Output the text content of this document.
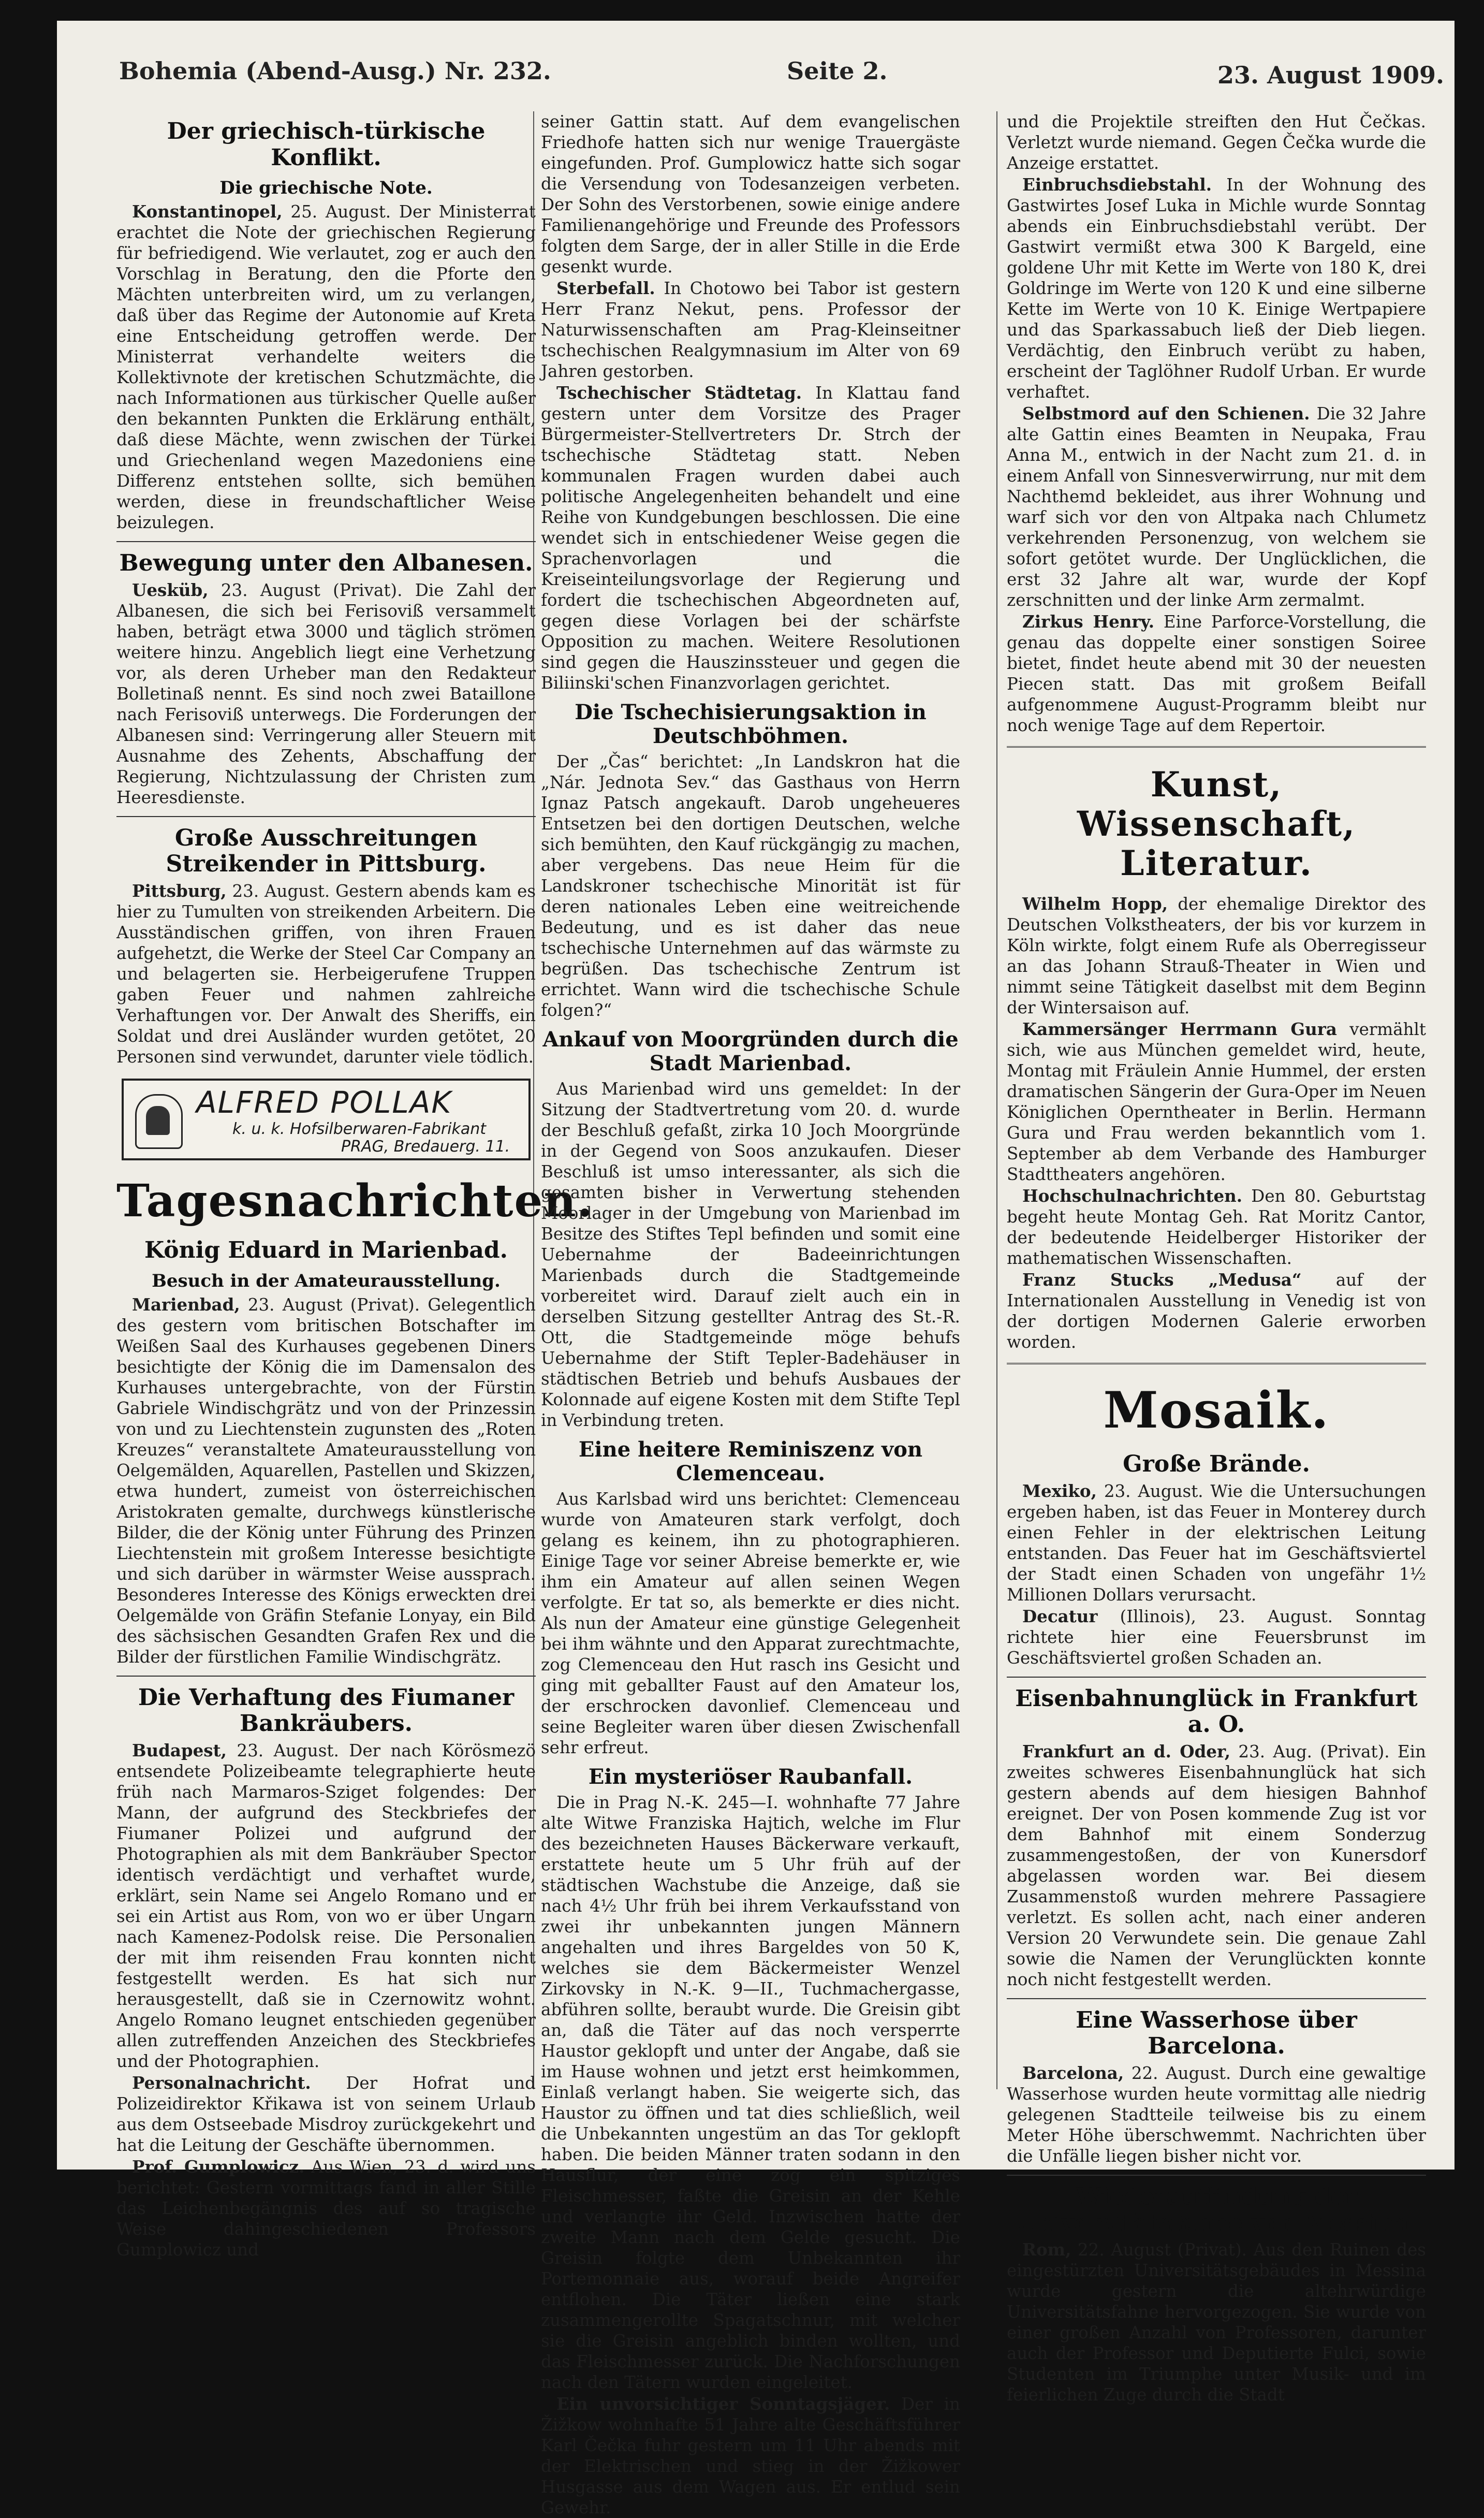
Bohemia (Abend-Ausg.) Nr. 232.	Seite 2.	23. August 1909.
Der griechisch-türkische Konflikt.
Die griechische Note.

Konstantinopel, 25. August. Der Ministerrat erachtet die Note der griechischen Regierung für befriedigend. Wie verlautet, zog er auch den Vorschlag in Beratung, den die Pforte den Mächten unterbreiten wird, um zu verlangen, daß über das Regime der Autonomie auf Kreta eine Entscheidung getroffen werde. Der Ministerrat verhandelte weiters die Kollektivnote der kretischen Schutzmächte, die nach Informationen aus türkischer Quelle außer den bekannten Punkten die Erklärung enthält, daß diese Mächte, wenn zwischen der Türkei und Griechenland wegen Mazedoniens eine Differenz entstehen sollte, sich bemühen werden, diese in freundschaftlicher Weise beizulegen.

Bewegung unter den Albanesen.

Uesküb, 23. August (Privat). Die Zahl der Albanesen, die sich bei Ferisoviß versammelt haben, beträgt etwa 3000 und täglich strömen weitere hinzu. Angeblich liegt eine Verhetzung vor, als deren Urheber man den Redakteur Bolletinaß nennt. Es sind noch zwei Bataillone nach Ferisoviß unterwegs. Die Forderungen der Albanesen sind: Verringerung aller Steuern mit Ausnahme des Zehents, Abschaffung der Regierung, Nichtzulassung der Christen zum Heeresdienste.

Große Ausschreitungen Streikender in Pittsburg.

Pittsburg, 23. August. Gestern abends kam es hier zu Tumulten von streikenden Arbeitern. Die Ausständischen griffen, von ihren Frauen aufgehetzt, die Werke der Steel Car Company an und belagerten sie. Herbeigerufene Truppen gaben Feuer und nahmen zahlreiche Verhaftungen vor. Der Anwalt des Sheriffs, ein Soldat und drei Ausländer wurden getötet, 20 Personen sind verwundet, darunter viele tödlich.

ALFRED POLLAK
k. u. k. Hofsilberwaren-Fabrikant
PRAG, Bredauerg. 11.
Tagesnachrichten.
König Eduard in Marienbad.
Besuch in der Amateurausstellung.

Marienbad, 23. August (Privat). Gelegentlich des gestern vom britischen Botschafter im Weißen Saal des Kurhauses gegebenen Diners besichtigte der König die im Damensalon des Kurhauses untergebrachte, von der Fürstin Gabriele Windischgrätz und von der Prinzessin von und zu Liechtenstein zugunsten des „Roten Kreuzes“ veranstaltete Amateurausstellung von Oelgemälden, Aquarellen, Pastellen und Skizzen, etwa hundert, zumeist von österreichischen Aristokraten gemalte, durchwegs künstlerische Bilder, die der König unter Führung des Prinzen Liechtenstein mit großem Interesse besichtigte und sich darüber in wärmster Weise aussprach. Besonderes Interesse des Königs erweckten drei Oelgemälde von Gräfin Stefanie Lonyay, ein Bild des sächsischen Gesandten Grafen Rex und die Bilder der fürstlichen Familie Windischgrätz.

Die Verhaftung des Fiumaner Bankräubers.

Budapest, 23. August. Der nach Körösmezö entsendete Polizeibeamte telegraphierte heute früh nach Marmaros-Sziget folgendes: Der Mann, der aufgrund des Steckbriefes der Fiumaner Polizei und aufgrund der Photographien als mit dem Bankräuber Spector identisch verdächtigt und verhaftet wurde, erklärt, sein Name sei Angelo Romano und er sei ein Artist aus Rom, von wo er über Ungarn nach Kamenez-Podolsk reise. Die Personalien der mit ihm reisenden Frau konnten nicht festgestellt werden. Es hat sich nur herausgestellt, daß sie in Czernowitz wohnt. Angelo Romano leugnet entschieden gegenüber allen zutreffenden Anzeichen des Steckbriefes und der Photographien.

Personalnachricht. Der Hofrat und Polizeidirektor Křikawa ist von seinem Urlaub aus dem Ostseebade Misdroy zurückgekehrt und hat die Leitung der Geschäfte übernommen.

Prof. Gumplowicz. Aus Wien, 23. d. wird uns berichtet: Gestern vormittags fand in aller Stille das Leichenbegängnis des auf so tragische Weise dahingeschiedenen Professors Gumplowicz und

seiner Gattin statt. Auf dem evangelischen Friedhofe hatten sich nur wenige Trauergäste eingefunden. Prof. Gumplowicz hatte sich sogar die Versendung von Todesanzeigen verbeten. Der Sohn des Verstorbenen, sowie einige andere Familienangehörige und Freunde des Professors folgten dem Sarge, der in aller Stille in die Erde gesenkt wurde.

Sterbefall. In Chotowo bei Tabor ist gestern Herr Franz Nekut, pens. Professor der Naturwissenschaften am Prag-Kleinseitner tschechischen Realgymnasium im Alter von 69 Jahren gestorben.

Tschechischer Städtetag. In Klattau fand gestern unter dem Vorsitze des Prager Bürgermeister-Stellvertreters Dr. Strch der tschechische Städtetag statt. Neben kommunalen Fragen wurden dabei auch politische Angelegenheiten behandelt und eine Reihe von Kundgebungen beschlossen. Die eine wendet sich in entschiedener Weise gegen die Sprachenvorlagen und die Kreiseinteilungsvorlage der Regierung und fordert die tschechischen Abgeordneten auf, gegen diese Vorlagen bei der schärfste Opposition zu machen. Weitere Resolutionen sind gegen die Hauszinssteuer und gegen die Biliinski'schen Finanzvorlagen gerichtet.

Die Tschechisierungsaktion in Deutschböhmen.

Der „Čas“ berichtet: „In Landskron hat die „Nár. Jednota Sev.“ das Gasthaus von Herrn Ignaz Patsch angekauft. Darob ungeheueres Entsetzen bei den dortigen Deutschen, welche sich bemühten, den Kauf rückgängig zu machen, aber vergebens. Das neue Heim für die Landskroner tschechische Minorität ist für deren nationales Leben eine weitreichende Bedeutung, und es ist daher das neue tschechische Unternehmen auf das wärmste zu begrüßen. Das tschechische Zentrum ist errichtet. Wann wird die tschechische Schule folgen?“

Ankauf von Moorgründen durch die Stadt Marienbad.

Aus Marienbad wird uns gemeldet: In der Sitzung der Stadtvertretung vom 20. d. wurde der Beschluß gefaßt, zirka 10 Joch Moorgründe in der Gegend von Soos anzukaufen. Dieser Beschluß ist umso interessanter, als sich die gesamten bisher in Verwertung stehenden Moorlager in der Umgebung von Marienbad im Besitze des Stiftes Tepl befinden und somit eine Uebernahme der Badeeinrichtungen Marienbads durch die Stadtgemeinde vorbereitet wird. Darauf zielt auch ein in derselben Sitzung gestellter Antrag des St.-R. Ott, die Stadtgemeinde möge behufs Uebernahme der Stift Tepler-Badehäuser in städtischen Betrieb und behufs Ausbaues der Kolonnade auf eigene Kosten mit dem Stifte Tepl in Verbindung treten.

Eine heitere Reminiszenz von Clemenceau.

Aus Karlsbad wird uns berichtet: Clemenceau wurde von Amateuren stark verfolgt, doch gelang es keinem, ihn zu photographieren. Einige Tage vor seiner Abreise bemerkte er, wie ihm ein Amateur auf allen seinen Wegen verfolgte. Er tat so, als bemerkte er dies nicht. Als nun der Amateur eine günstige Gelegenheit bei ihm wähnte und den Apparat zurechtmachte, zog Clemenceau den Hut rasch ins Gesicht und ging mit geballter Faust auf den Amateur los, der erschrocken davonlief. Clemenceau und seine Begleiter waren über diesen Zwischenfall sehr erfreut.

Ein mysteriöser Raubanfall.

Die in Prag N.-K. 245—I. wohnhafte 77 Jahre alte Witwe Franziska Hajtich, welche im Flur des bezeichneten Hauses Bäckerware verkauft, erstattete heute um 5 Uhr früh auf der städtischen Wachstube die Anzeige, daß sie nach 4½ Uhr früh bei ihrem Verkaufsstand von zwei ihr unbekannten jungen Männern angehalten und ihres Bargeldes von 50 K, welches sie dem Bäckermeister Wenzel Zirkovsky in N.-K. 9—II., Tuchmachergasse, abführen sollte, beraubt wurde. Die Greisin gibt an, daß die Täter auf das noch versperrte Haustor geklopft und unter der Angabe, daß sie im Hause wohnen und jetzt erst heimkommen, Einlaß verlangt haben. Sie weigerte sich, das Haustor zu öffnen und tat dies schließlich, weil die Unbekannten ungestüm an das Tor geklopft haben. Die beiden Männer traten sodann in den Hausflur, der eine zog ein spitziges Fleischmesser, faßte die Greisin an der Kehle und verlangte ihr Geld. Inzwischen hatte der zweite Mann nach dem Gelde gesucht. Die Greisin folgte dem Unbekannten ihr Portemonnaie aus, worauf beide Angreifer entflohen. Die Täter ließen eine stark zusammengerollte Spagatschnur, mit welcher sie die Greisin angeblich binden wollten, und das Fleischmesser zurück. Die Nachforschungen nach den Tätern wurden eingeleitet.

Ein unvorsichtiger Sonntagsjäger. Der in Žižkow wohnhafte 51 Jahre alte Geschäftsführer Karl Čečka fuhr gestern um 11 Uhr abends mit der Elektrischen und stieg in der Žižkower Husgasse aus dem Wagen aus. Er entlud sein Gewehr.

und die Projektile streiften den Hut Čečkas. Verletzt wurde niemand. Gegen Čečka wurde die Anzeige erstattet.

Einbruchsdiebstahl. In der Wohnung des Gastwirtes Josef Luka in Michle wurde Sonntag abends ein Einbruchsdiebstahl verübt. Der Gastwirt vermißt etwa 300 K Bargeld, eine goldene Uhr mit Kette im Werte von 180 K, drei Goldringe im Werte von 120 K und eine silberne Kette im Werte von 10 K. Einige Wertpapiere und das Sparkassabuch ließ der Dieb liegen. Verdächtig, den Einbruch verübt zu haben, erscheint der Taglöhner Rudolf Urban. Er wurde verhaftet.

Selbstmord auf den Schienen. Die 32 Jahre alte Gattin eines Beamten in Neupaka, Frau Anna M., entwich in der Nacht zum 21. d. in einem Anfall von Sinnesverwirrung, nur mit dem Nachthemd bekleidet, aus ihrer Wohnung und warf sich vor den von Altpaka nach Chlumetz verkehrenden Personenzug, von welchem sie sofort getötet wurde. Der Unglücklichen, die erst 32 Jahre alt war, wurde der Kopf zerschnitten und der linke Arm zermalmt.

Zirkus Henry. Eine Parforce-Vorstellung, die genau das doppelte einer sonstigen Soiree bietet, findet heute abend mit 30 der neuesten Piecen statt. Das mit großem Beifall aufgenommene August-Programm bleibt nur noch wenige Tage auf dem Repertoir.

Kunst, Wissenschaft, Literatur.

Wilhelm Hopp, der ehemalige Direktor des Deutschen Volkstheaters, der bis vor kurzem in Köln wirkte, folgt einem Rufe als Oberregisseur an das Johann Strauß-Theater in Wien und nimmt seine Tätigkeit daselbst mit dem Beginn der Wintersaison auf.

Kammersänger Herrmann Gura vermählt sich, wie aus München gemeldet wird, heute, Montag mit Fräulein Annie Hummel, der ersten dramatischen Sängerin der Gura-Oper im Neuen Königlichen Operntheater in Berlin. Hermann Gura und Frau werden bekanntlich vom 1. September ab dem Verbande des Hamburger Stadttheaters angehören.

Hochschulnachrichten. Den 80. Geburtstag begeht heute Montag Geh. Rat Moritz Cantor, der bedeutende Heidelberger Historiker der mathematischen Wissenschaften.

Franz Stucks „Medusa“ auf der Internationalen Ausstellung in Venedig ist von der dortigen Modernen Galerie erworben worden.

Mosaik.
Große Brände.

Mexiko, 23. August. Wie die Untersuchungen ergeben haben, ist das Feuer in Monterey durch einen Fehler in der elektrischen Leitung entstanden. Das Feuer hat im Geschäftsviertel der Stadt einen Schaden von ungefähr 1½ Millionen Dollars verursacht.

Decatur (Illinois), 23. August. Sonntag richtete hier eine Feuersbrunst im Geschäftsviertel großen Schaden an.

Eisenbahnunglück in Frankfurt a. O.

Frankfurt an d. Oder, 23. Aug. (Privat). Ein zweites schweres Eisenbahnunglück hat sich gestern abends auf dem hiesigen Bahnhof ereignet. Der von Posen kommende Zug ist vor dem Bahnhof mit einem Sonderzug zusammengestoßen, der von Kunersdorf abgelassen worden war. Bei diesem Zusammenstoß wurden mehrere Passagiere verletzt. Es sollen acht, nach einer anderen Version 20 Verwundete sein. Die genaue Zahl sowie die Namen der Verunglückten konnte noch nicht festgestellt werden.

Eine Wasserhose über Barcelona.

Barcelona, 22. August. Durch eine gewaltige Wasserhose wurden heute vormittag alle niedrig gelegenen Stadtteile teilweise bis zu einem Meter Höhe überschwemmt. Nachrichten über die Unfälle liegen bisher nicht vor.

Wiederauffindung der Universitätsfahne von Messina.

Rom, 22. August (Privat). Aus den Ruinen des eingestürzten Universitätsgebäudes in Messina wurde gestern die altehrwürdige Universitätsfahne hervorgezogen. Sie wurde von einer großen Anzahl von Professoren, darunter auch der Professor und Deputierte Fulci, sowie Studenten im Triumphe unter Musik- und im feierlichen Zuge durch die Stadt
